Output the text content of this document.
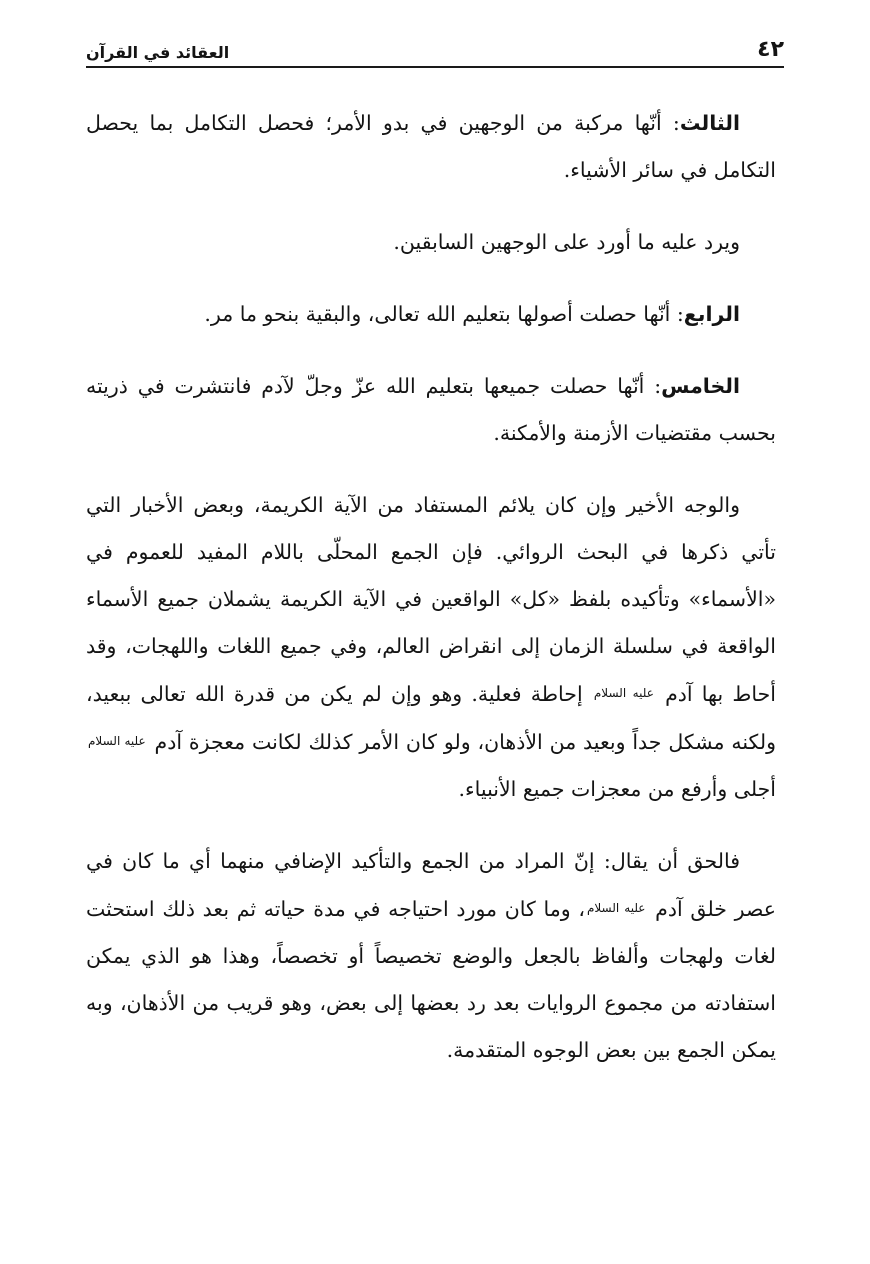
٤٢
العقائد في القرآن

الثالث: أنّها مركبة من الوجهين في بدو الأمر؛ فحصل التكامل بما يحصل التكامل في سائر الأشياء.

ويرد عليه ما أورد على الوجهين السابقين.

الرابع: أنّها حصلت أصولها بتعليم الله تعالى، والبقية بنحو ما مر.

الخامس: أنّها حصلت جميعها بتعليم الله عزّ وجلّ لآدم فانتشرت في ذريته بحسب مقتضيات الأزمنة والأمكنة.

والوجه الأخير وإن كان يلائم المستفاد من الآية الكريمة، وبعض الأخبار التي تأتي ذكرها في البحث الروائي. فإن الجمع المحلّى باللام المفيد للعموم في «الأسماء» وتأكيده بلفظ «كل» الواقعين في الآية الكريمة يشملان جميع الأسماء الواقعة في سلسلة الزمان إلى انقراض العالم، وفي جميع اللغات واللهجات، وقد أحاط بها آدم عليه السلام إحاطة فعلية. وهو وإن لم يكن من قدرة الله تعالى ببعيد، ولكنه مشكل جداً وبعيد من الأذهان، ولو كان الأمر كذلك لكانت معجزة آدم عليه السلام أجلى وأرفع من معجزات جميع الأنبياء.

فالحق أن يقال: إنّ المراد من الجمع والتأكيد الإضافي منهما أي ما كان في عصر خلق آدم عليه السلام، وما كان مورد احتياجه في مدة حياته ثم بعد ذلك استحثت لغات ولهجات وألفاظ بالجعل والوضع تخصيصاً أو تخصصاً، وهذا هو الذي يمكن استفادته من مجموع الروايات بعد رد بعضها إلى بعض، وهو قريب من الأذهان، وبه يمكن الجمع بين بعض الوجوه المتقدمة.
